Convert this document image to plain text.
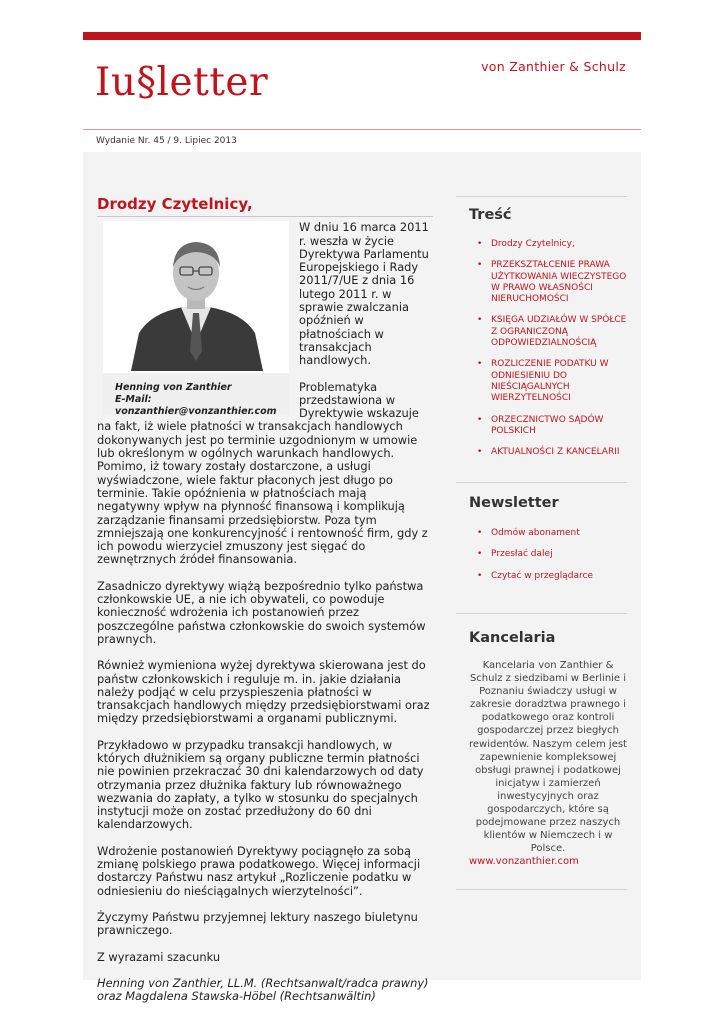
Iu§letter	von Zanthier & Schulz
Wydanie Nr. 45 / 9. Lipiec 2013
Drodzy Czytelnicy,
Henning von Zanthier
E-Mail: vonzanthier@vonzanthier.com

W dniu 16 marca 2011 r. weszła w życie Dyrektywa Parlamentu Europejskiego i Rady 2011/7/UE z dnia 16 lutego 2011 r. w sprawie zwalczania opóźnień w płatnościach w transakcjach handlowych.

Problematyka przedstawiona w Dyrektywie wskazuje na fakt, iż wiele płatności w transakcjach handlowych dokonywanych jest po terminie uzgodnionym w umowie lub określonym w ogólnych warunkach handlowych. Pomimo, iż towary zostały dostarczone, a usługi wyświadczone, wiele faktur płaconych jest długo po terminie. Takie opóźnienia w płatnościach mają negatywny wpływ na płynność finansową i komplikują zarządzanie finansami przedsiębiorstw. Poza tym zmniejszają one konkurencyjność i rentowność firm, gdy z ich powodu wierzyciel zmuszony jest sięgać do zewnętrznych źródeł finansowania.

Zasadniczo dyrektywy wiążą bezpośrednio tylko państwa członkowskie UE, a nie ich obywateli, co powoduje konieczność wdrożenia ich postanowień przez poszczególne państwa członkowskie do swoich systemów prawnych.

Również wymieniona wyżej dyrektywa skierowana jest do państw członkowskich i reguluje m. in. jakie działania należy podjąć w celu przyspieszenia płatności w transakcjach handlowych między przedsiębiorstwami oraz między przedsiębiorstwami a organami publicznymi.

Przykładowo w przypadku transakcji handlowych, w których dłużnikiem są organy publiczne termin płatności nie powinien przekraczać 30 dni kalendarzowych od daty otrzymania przez dłużnika faktury lub równoważnego wezwania do zapłaty, a tylko w stosunku do specjalnych instytucji może on zostać przedłużony do 60 dni kalendarzowych.

Wdrożenie postanowień Dyrektywy pociągnęło za sobą zmianę polskiego prawa podatkowego. Więcej informacji dostarczy Państwu nasz artykuł „Rozliczenie podatku w odniesieniu do nieściągalnych wierzytelności”.

Życzymy Państwu przyjemnej lektury naszego biuletynu prawniczego.

Z wyrazami szacunku

Henning von Zanthier, LL.M. (Rechtsanwalt/radca prawny)
oraz Magdalena Stawska-Höbel (Rechtsanwältin)
Treść
• Drodzy Czytelnicy,
• PRZEKSZTAŁCENIE PRAWA UŻYTKOWANIA WIECZYSTEGO W PRAWO WŁASNOŚCI NIERUCHOMOŚCI
• KSIĘGA UDZIAŁÓW W SPÓŁCE Z OGRANICZONĄ ODPOWIEDZIALNOŚCIĄ
• ROZLICZENIE PODATKU W ODNIESIENIU DO NIEŚCIĄGALNYCH WIERZYTELNOŚCI
• ORZECZNICTWO SĄDÓW POLSKICH
• AKTUALNOŚCI Z KANCELARII
Newsletter
• Odmów abonament
• Przesłać dalej
• Czytać w przeglądarce
Kancelaria
Kancelaria von Zanthier & Schulz z siedzibami w Berlinie i Poznaniu świadczy usługi w zakresie doradztwa prawnego i podatkowego oraz kontroli gospodarczej przez biegłych rewidentów. Naszym celem jest zapewnienie kompleksowej obsługi prawnej i podatkowej inicjatyw i zamierzeń inwestycyjnych oraz gospodarczych, które są podejmowane przez naszych klientów w Niemczech i w Polsce.
www.vonzanthier.com
